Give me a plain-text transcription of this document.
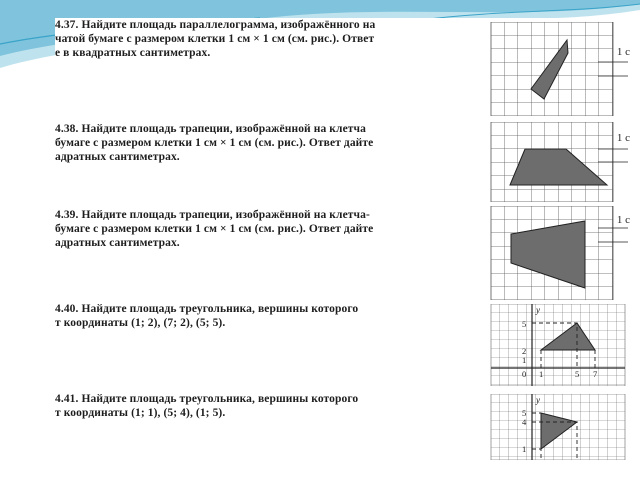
4.37. Найдите площадь параллелограмма, изображённого на
чатой бумаге с размером клетки 1 см × 1 см (см. рис.). Ответ
е в квадратных сантиметрах.	1 с
4.38. Найдите площадь трапеции, изображённой на клетча
бумаге с размером клетки 1 см × 1 см (см. рис.). Ответ дайте
адратных сантиметрах.
1 с
4.39. Найдите площадь трапеции, изображённой на клетча-
бумаге с размером клетки 1 см × 1 см (см. рис.). Ответ дайте
адратных сантиметрах.
1 с
4.40. Найдите площадь треугольника, вершины которого
т координаты (1; 2), (7; 2), (5; 5).
y
5
2
1
0 1	5 7
4.41. Найдите площадь треугольника, вершины которого
т координаты (1; 1), (5; 4), (1; 5).
y
5
4
1
